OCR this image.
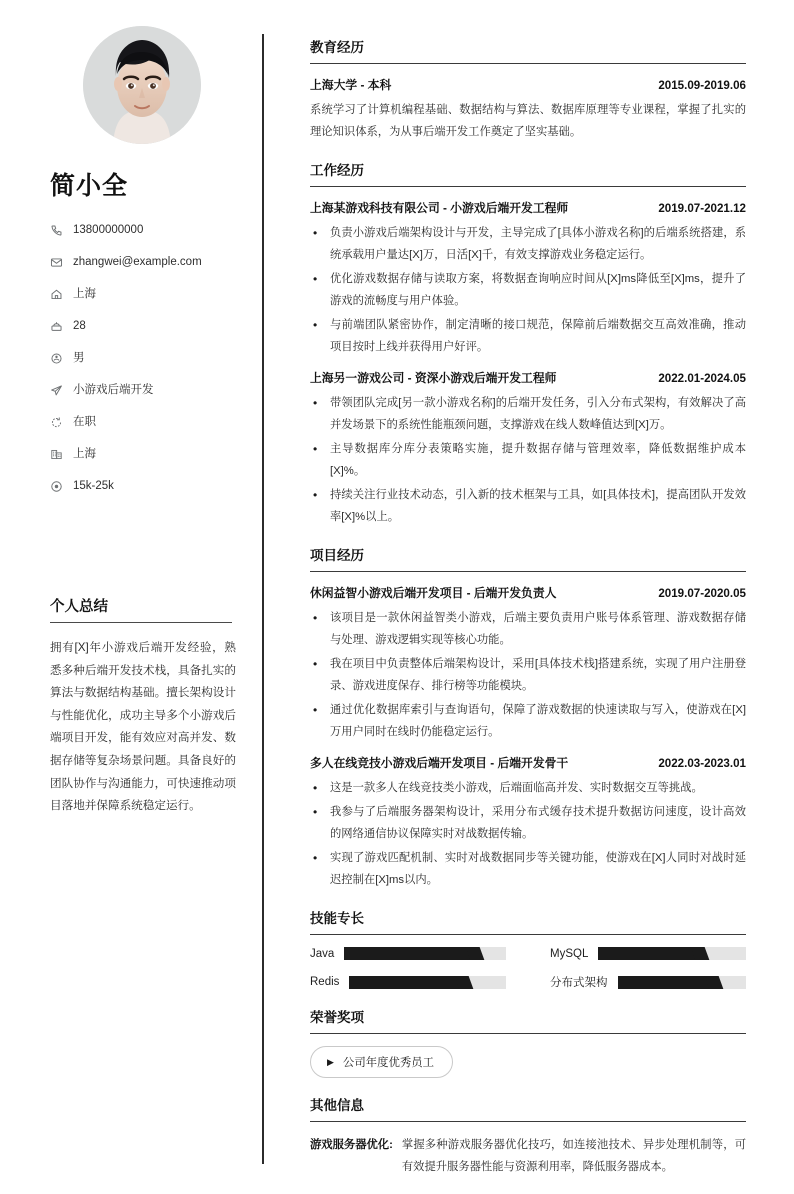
简小全
13800000000
zhangwei@example.com
上海
28
男
小游戏后端开发
在职
上海
15k-25k
个人总结

拥有[X]年小游戏后端开发经验，熟悉多种后端开发技术栈，具备扎实的算法与数据结构基础。擅长架构设计与性能优化，成功主导多个小游戏后端项目开发，能有效应对高并发、数据存储等复杂场景问题。具备良好的团队协作与沟通能力，可快速推动项目落地并保障系统稳定运行。

教育经历
上海大学 - 本科	2015.09-2019.06

系统学习了计算机编程基础、数据结构与算法、数据库原理等专业课程，掌握了扎实的理论知识体系，为从事后端开发工作奠定了坚实基础。

工作经历
上海某游戏科技有限公司 - 小游戏后端开发工程师	2019.07-2021.12
• 负责小游戏后端架构设计与开发，主导完成了[具体小游戏名称]的后端系统搭建，系统承载用户量达[X]万，日活[X]千，有效支撑游戏业务稳定运行。
• 优化游戏数据存储与读取方案，将数据查询响应时间从[X]ms降低至[X]ms，提升了游戏的流畅度与用户体验。
• 与前端团队紧密协作，制定清晰的接口规范，保障前后端数据交互高效准确，推动项目按时上线并获得用户好评。
上海另一游戏公司 - 资深小游戏后端开发工程师	2022.01-2024.05
• 带领团队完成[另一款小游戏名称]的后端开发任务，引入分布式架构，有效解决了高并发场景下的系统性能瓶颈问题，支撑游戏在线人数峰值达到[X]万。
• 主导数据库分库分表策略实施，提升数据存储与管理效率，降低数据维护成本[X]%。
• 持续关注行业技术动态，引入新的技术框架与工具，如[具体技术]，提高团队开发效率[X]%以上。
项目经历
休闲益智小游戏后端开发项目 - 后端开发负责人	2019.07-2020.05
• 该项目是一款休闲益智类小游戏，后端主要负责用户账号体系管理、游戏数据存储与处理、游戏逻辑实现等核心功能。
• 我在项目中负责整体后端架构设计，采用[具体技术栈]搭建系统，实现了用户注册登录、游戏进度保存、排行榜等功能模块。
• 通过优化数据库索引与查询语句，保障了游戏数据的快速读取与写入，使游戏在[X]万用户同时在线时仍能稳定运行。
多人在线竞技小游戏后端开发项目 - 后端开发骨干	2022.03-2023.01
• 这是一款多人在线竞技类小游戏，后端面临高并发、实时数据交互等挑战。
• 我参与了后端服务器架构设计，采用分布式缓存技术提升数据访问速度，设计高效的网络通信协议保障实时对战数据传输。
• 实现了游戏匹配机制、实时对战数据同步等关键功能，使游戏在[X]人同时对战时延迟控制在[X]ms以内。
技能专长
Java	MySQL
Redis	分布式架构
荣誉奖项
▶ 公司年度优秀员工
其他信息
游戏服务器优化: 掌握多种游戏服务器优化技巧，如连接池技术、异步处理机制等，可有效提升服务器性能与资源利用率，降低服务器成本。
